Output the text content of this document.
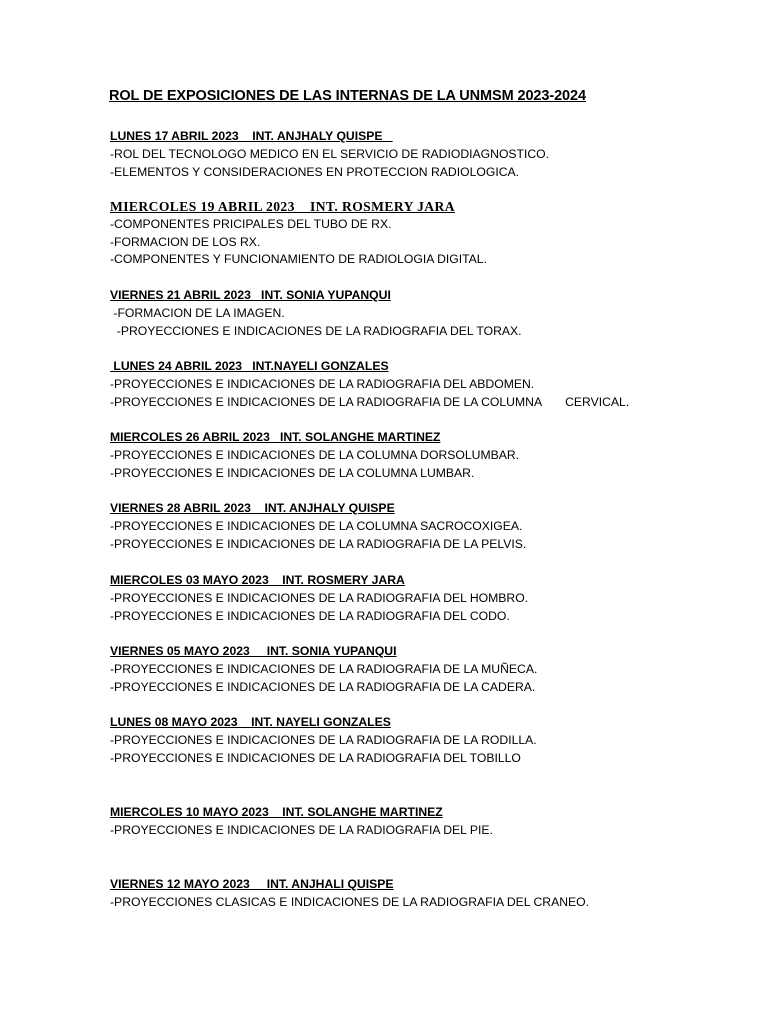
ROL DE EXPOSICIONES DE LAS INTERNAS DE LA UNMSM 2023-2024
LUNES 17 ABRIL 2023    INT. ANJHALY QUISPE
-ROL DEL TECNOLOGO MEDICO EN EL SERVICIO DE RADIODIAGNOSTICO.
-ELEMENTOS Y CONSIDERACIONES EN PROTECCION RADIOLOGICA.
MIERCOLES 19 ABRIL 2023    INT. ROSMERY JARA
-COMPONENTES PRICIPALES DEL TUBO DE RX.
-FORMACION DE LOS RX.
-COMPONENTES Y FUNCIONAMIENTO DE RADIOLOGIA DIGITAL.
VIERNES 21 ABRIL 2023   INT. SONIA YUPANQUI
-FORMACION DE LA IMAGEN.
-PROYECCIONES E INDICACIONES DE LA RADIOGRAFIA DEL TORAX.
LUNES 24 ABRIL 2023   INT.NAYELI GONZALES
-PROYECCIONES E INDICACIONES DE LA RADIOGRAFIA DEL ABDOMEN.
-PROYECCIONES E INDICACIONES DE LA RADIOGRAFIA DE LA COLUMNA       CERVICAL.
MIERCOLES 26 ABRIL 2023   INT. SOLANGHE MARTINEZ
-PROYECCIONES E INDICACIONES DE LA COLUMNA DORSOLUMBAR.
-PROYECCIONES E INDICACIONES DE LA COLUMNA LUMBAR.
VIERNES 28 ABRIL 2023    INT. ANJHALY QUISPE
-PROYECCIONES E INDICACIONES DE LA COLUMNA SACROCOXIGEA.
-PROYECCIONES E INDICACIONES DE LA RADIOGRAFIA DE LA PELVIS.
MIERCOLES 03 MAYO 2023    INT. ROSMERY JARA
-PROYECCIONES E INDICACIONES DE LA RADIOGRAFIA DEL HOMBRO.
-PROYECCIONES E INDICACIONES DE LA RADIOGRAFIA DEL CODO.
VIERNES 05 MAYO 2023     INT. SONIA YUPANQUI
-PROYECCIONES E INDICACIONES DE LA RADIOGRAFIA DE LA MUÑECA.
-PROYECCIONES E INDICACIONES DE LA RADIOGRAFIA DE LA CADERA.
LUNES 08 MAYO 2023    INT. NAYELI GONZALES
-PROYECCIONES E INDICACIONES DE LA RADIOGRAFIA DE LA RODILLA.
-PROYECCIONES E INDICACIONES DE LA RADIOGRAFIA DEL TOBILLO
MIERCOLES 10 MAYO 2023    INT. SOLANGHE MARTINEZ
-PROYECCIONES E INDICACIONES DE LA RADIOGRAFIA DEL PIE.
VIERNES 12 MAYO 2023     INT. ANJHALI QUISPE
-PROYECCIONES CLASICAS E INDICACIONES DE LA RADIOGRAFIA DEL CRANEO.
